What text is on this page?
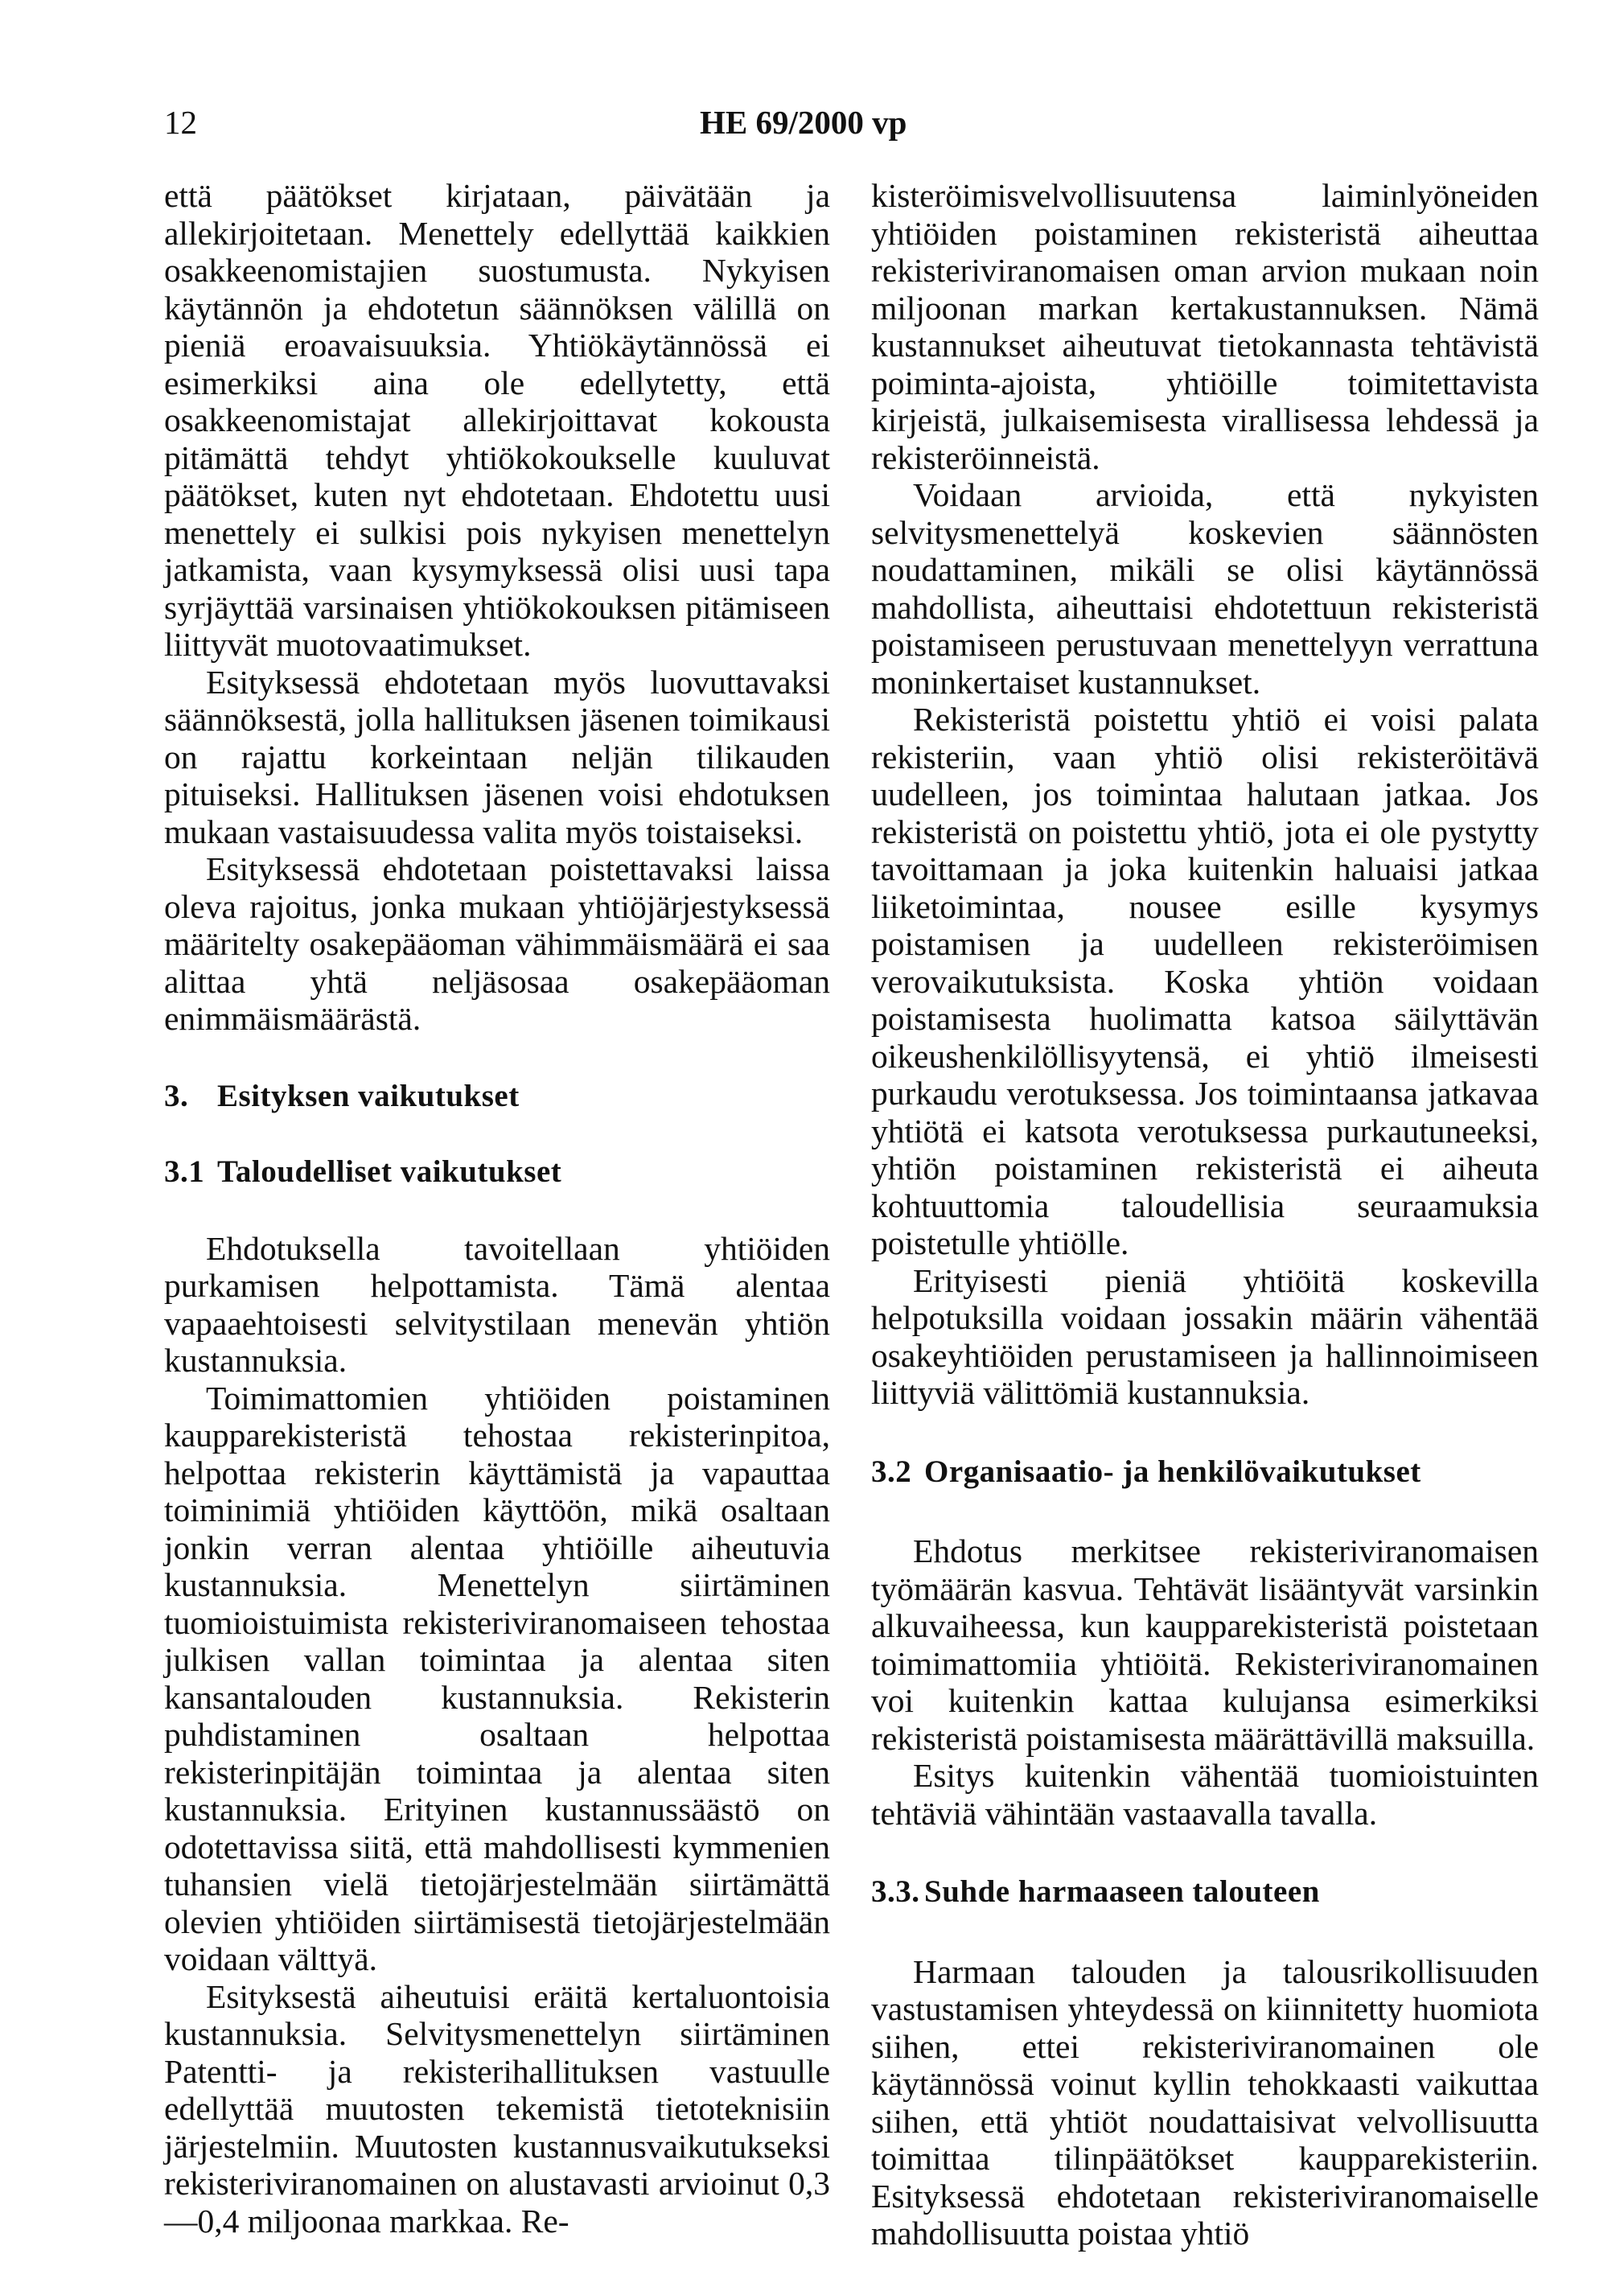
12	HE 69/2000 vp

että päätökset kirjataan, päivätään ja allekirjoitetaan. Menettely edellyttää kaikkien osakkeenomistajien suostumusta. Nykyisen käytännön ja ehdotetun säännöksen välillä on pieniä eroavaisuuksia. Yhtiökäytännössä ei esimerkiksi aina ole edellytetty, että osakkeenomistajat allekirjoittavat kokousta pitämättä tehdyt yhtiökokoukselle kuuluvat päätökset, kuten nyt ehdotetaan. Ehdotettu uusi menettely ei sulkisi pois nykyisen menettelyn jatkamista, vaan kysymyksessä olisi uusi tapa syrjäyttää varsinaisen yhtiökokouksen pitämiseen liittyvät muotovaatimukset.

Esityksessä ehdotetaan myös luovuttavaksi säännöksestä, jolla hallituksen jäsenen toimikausi on rajattu korkeintaan neljän tilikauden pituiseksi. Hallituksen jäsenen voisi ehdotuksen mukaan vastaisuudessa valita myös toistaiseksi.

Esityksessä ehdotetaan poistettavaksi laissa oleva rajoitus, jonka mukaan yhtiöjärjestyksessä määritelty osakepääoman vähimmäismäärä ei saa alittaa yhtä neljäsosaa osakepääoman enimmäismäärästä.

3. Esityksen vaikutukset
3.1 Taloudelliset vaikutukset

Ehdotuksella tavoitellaan yhtiöiden purkamisen helpottamista. Tämä alentaa vapaaehtoisesti selvitystilaan menevän yhtiön kustannuksia.

Toimimattomien yhtiöiden poistaminen kaupparekisteristä tehostaa rekisterinpitoa, helpottaa rekisterin käyttämistä ja vapauttaa toiminimiä yhtiöiden käyttöön, mikä osaltaan jonkin verran alentaa yhtiöille aiheutuvia kustannuksia. Menettelyn siirtäminen tuomioistuimista rekisteriviranomaiseen tehostaa julkisen vallan toimintaa ja alentaa siten kansantalouden kustannuksia. Rekisterin puhdistaminen osaltaan helpottaa rekisterinpitäjän toimintaa ja alentaa siten kustannuksia. Erityinen kustannussäästö on odotettavissa siitä, että mahdollisesti kymmenien tuhansien vielä tietojärjestelmään siirtämättä olevien yhtiöiden siirtämisestä tietojärjestelmään voidaan välttyä.

Esityksestä aiheutuisi eräitä kertaluontoisia kustannuksia. Selvitysmenettelyn siirtäminen Patentti- ja rekisterihallituksen vastuulle edellyttää muutosten tekemistä tietoteknisiin järjestelmiin. Muutosten kustannusvaikutukseksi rekisteriviranomainen on alustavasti arvioinut 0,3—0,4 miljoonaa markkaa. Re-

kisteröimisvelvollisuutensa laiminlyöneiden yhtiöiden poistaminen rekisteristä aiheuttaa rekisteriviranomaisen oman arvion mukaan noin miljoonan markan kertakustannuksen. Nämä kustannukset aiheutuvat tietokannasta tehtävistä poiminta-ajoista, yhtiöille toimitettavista kirjeistä, julkaisemisesta virallisessa lehdessä ja rekisteröinneistä.

Voidaan arvioida, että nykyisten selvitysmenettelyä koskevien säännösten noudattaminen, mikäli se olisi käytännössä mahdollista, aiheuttaisi ehdotettuun rekisteristä poistamiseen perustuvaan menettelyyn verrattuna moninkertaiset kustannukset.

Rekisteristä poistettu yhtiö ei voisi palata rekisteriin, vaan yhtiö olisi rekisteröitävä uudelleen, jos toimintaa halutaan jatkaa. Jos rekisteristä on poistettu yhtiö, jota ei ole pystytty tavoittamaan ja joka kuitenkin haluaisi jatkaa liiketoimintaa, nousee esille kysymys poistamisen ja uudelleen rekisteröimisen verovaikutuksista. Koska yhtiön voidaan poistamisesta huolimatta katsoa säilyttävän oikeushenkilöllisyytensä, ei yhtiö ilmeisesti purkaudu verotuksessa. Jos toimintaansa jatkavaa yhtiötä ei katsota verotuksessa purkautuneeksi, yhtiön poistaminen rekisteristä ei aiheuta kohtuuttomia taloudellisia seuraamuksia poistetulle yhtiölle.

Erityisesti pieniä yhtiöitä koskevilla helpotuksilla voidaan jossakin määrin vähentää osakeyhtiöiden perustamiseen ja hallinnoimiseen liittyviä välittömiä kustannuksia.

3.2 Organisaatio- ja henkilövaikutukset

Ehdotus merkitsee rekisteriviranomaisen työmäärän kasvua. Tehtävät lisääntyvät varsinkin alkuvaiheessa, kun kaupparekisteristä poistetaan toimimattomiia yhtiöitä. Rekisteriviranomainen voi kuitenkin kattaa kulujansa esimerkiksi rekisteristä poistamisesta määrättävillä maksuilla.

Esitys kuitenkin vähentää tuomioistuinten tehtäviä vähintään vastaavalla tavalla.

3.3. Suhde harmaaseen talouteen

Harmaan talouden ja talousrikollisuuden vastustamisen yhteydessä on kiinnitetty huomiota siihen, ettei rekisteriviranomainen ole käytännössä voinut kyllin tehokkaasti vaikuttaa siihen, että yhtiöt noudattaisivat velvollisuutta toimittaa tilinpäätökset kaupparekisteriin. Esityksessä ehdotetaan rekisteriviranomaiselle mahdollisuutta poistaa yhtiö
